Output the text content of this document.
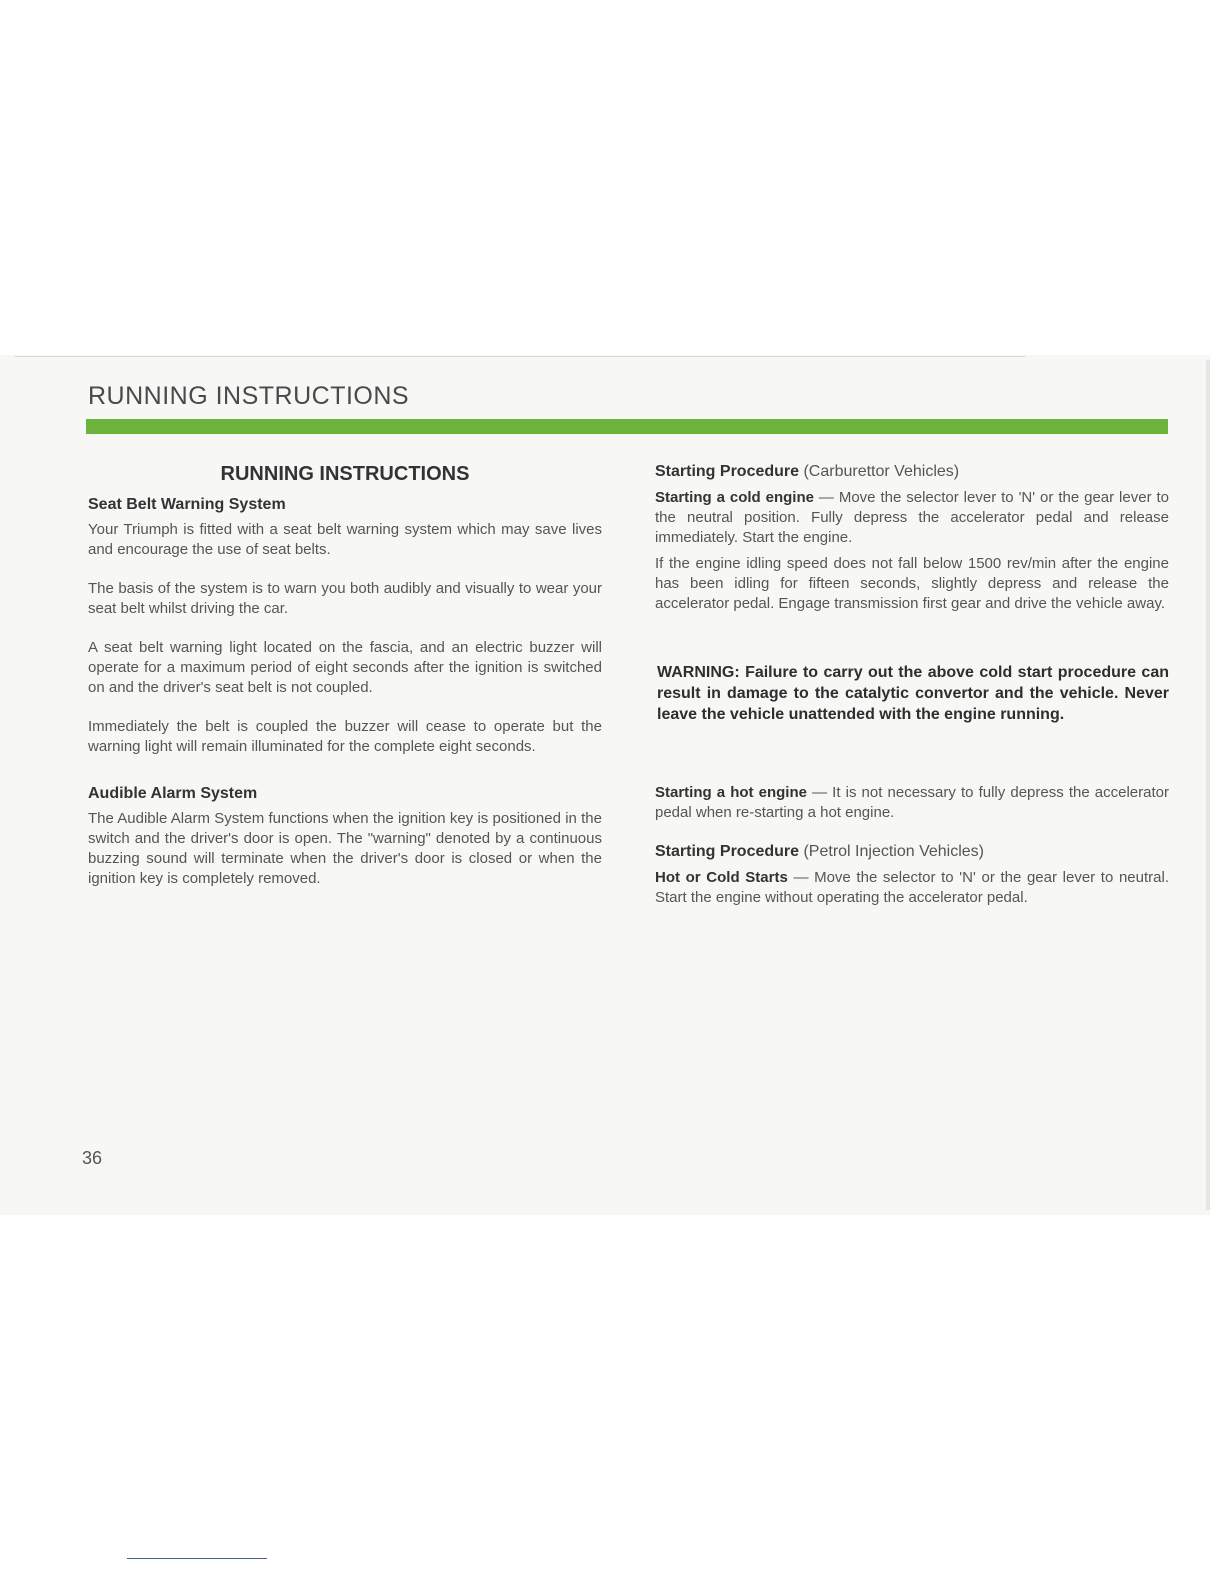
RUNNING INSTRUCTIONS
RUNNING INSTRUCTIONS
Seat Belt Warning System

Your Triumph is fitted with a seat belt warning system which may save lives and encourage the use of seat belts.

The basis of the system is to warn you both audibly and visually to wear your seat belt whilst driving the car.

A seat belt warning light located on the fascia, and an electric buzzer will operate for a maximum period of eight seconds after the ignition is switched on and the driver's seat belt is not coupled.

Immediately the belt is coupled the buzzer will cease to operate but the warning light will remain illuminated for the complete eight seconds.

Audible Alarm System

The Audible Alarm System functions when the ignition key is positioned in the switch and the driver's door is open. The "warning" denoted by a continuous buzzing sound will terminate when the driver's door is closed or when the ignition key is completely removed.

Starting Procedure (Carburettor Vehicles)

Starting a cold engine — Move the selector lever to 'N' or the gear lever to the neutral position. Fully depress the accelerator pedal and release immediately. Start the engine.

If the engine idling speed does not fall below 1500 rev/min after the engine has been idling for fifteen seconds, slightly depress and release the accelerator pedal. Engage transmission first gear and drive the vehicle away.

WARNING: Failure to carry out the above cold start procedure can result in damage to the catalytic convertor and the vehicle. Never leave the vehicle unattended with the engine running.

Starting a hot engine — It is not necessary to fully depress the accelerator pedal when re-starting a hot engine.

Starting Procedure (Petrol Injection Vehicles)

Hot or Cold Starts — Move the selector to 'N' or the gear lever to neutral. Start the engine without operating the accelerator pedal.

36
